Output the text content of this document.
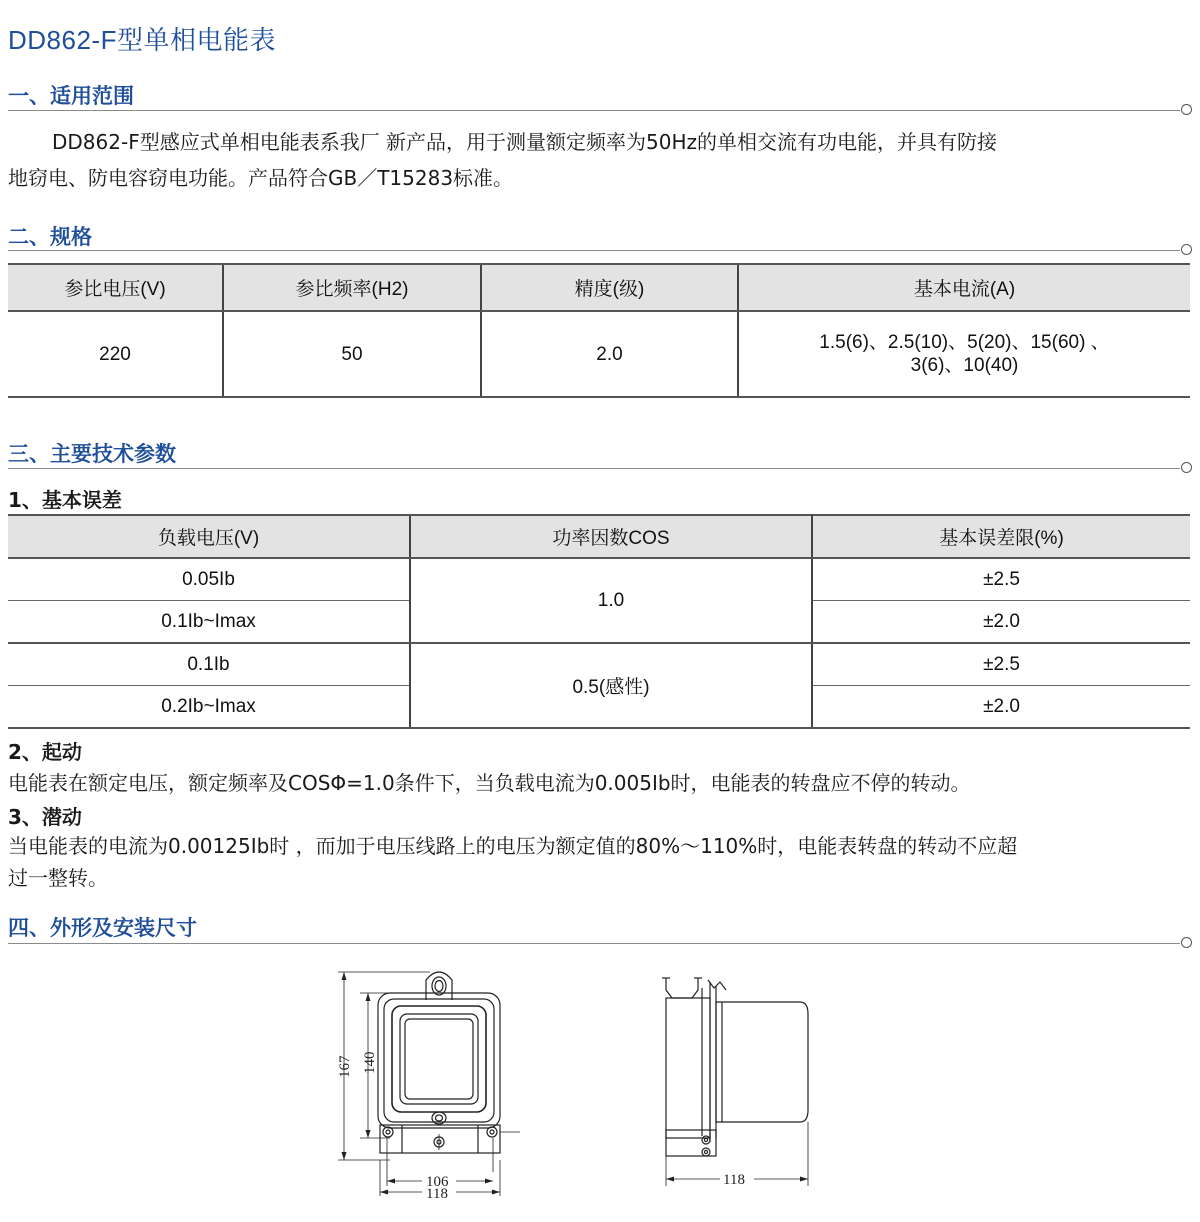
DD862-F型单相电能表
一、适用范围
DD862-F型感应式单相电能表系我厂 新产品，用于测量额定频率为50Hz的单相交流有功电能，并具有防接
地窃电、防电容窃电功能。产品符合GB／T15283标准。
二、规格
参比电压(V)	参比频率(H2)	精度(级)	基本电流(A)
220	50	2.0	1.5(6)、2.5(10)、5(20)、15(60) 、
3(6)、10(40)
三、主要技术参数
1、基本误差
负载电压(V)	功率因数COS	基本误差限(%)
0.05Ib	1.0	±2.5
0.1Ib~Imax		±2.0
0.1Ib	0.5(感性)	±2.5
0.2Ib~Imax		±2.0
2、起动
电能表在额定电压，额定频率及COSΦ=1.0条件下，当负载电流为0.005Ib时，电能表的转盘应不停的转动。
3、潜动
当电能表的电流为0.00125Ib时 ，而加于电压线路上的电压为额定值的80%～110%时，电能表转盘的转动不应超
过一整转。
四、外形及安装尺寸
167 140
106
118
118
